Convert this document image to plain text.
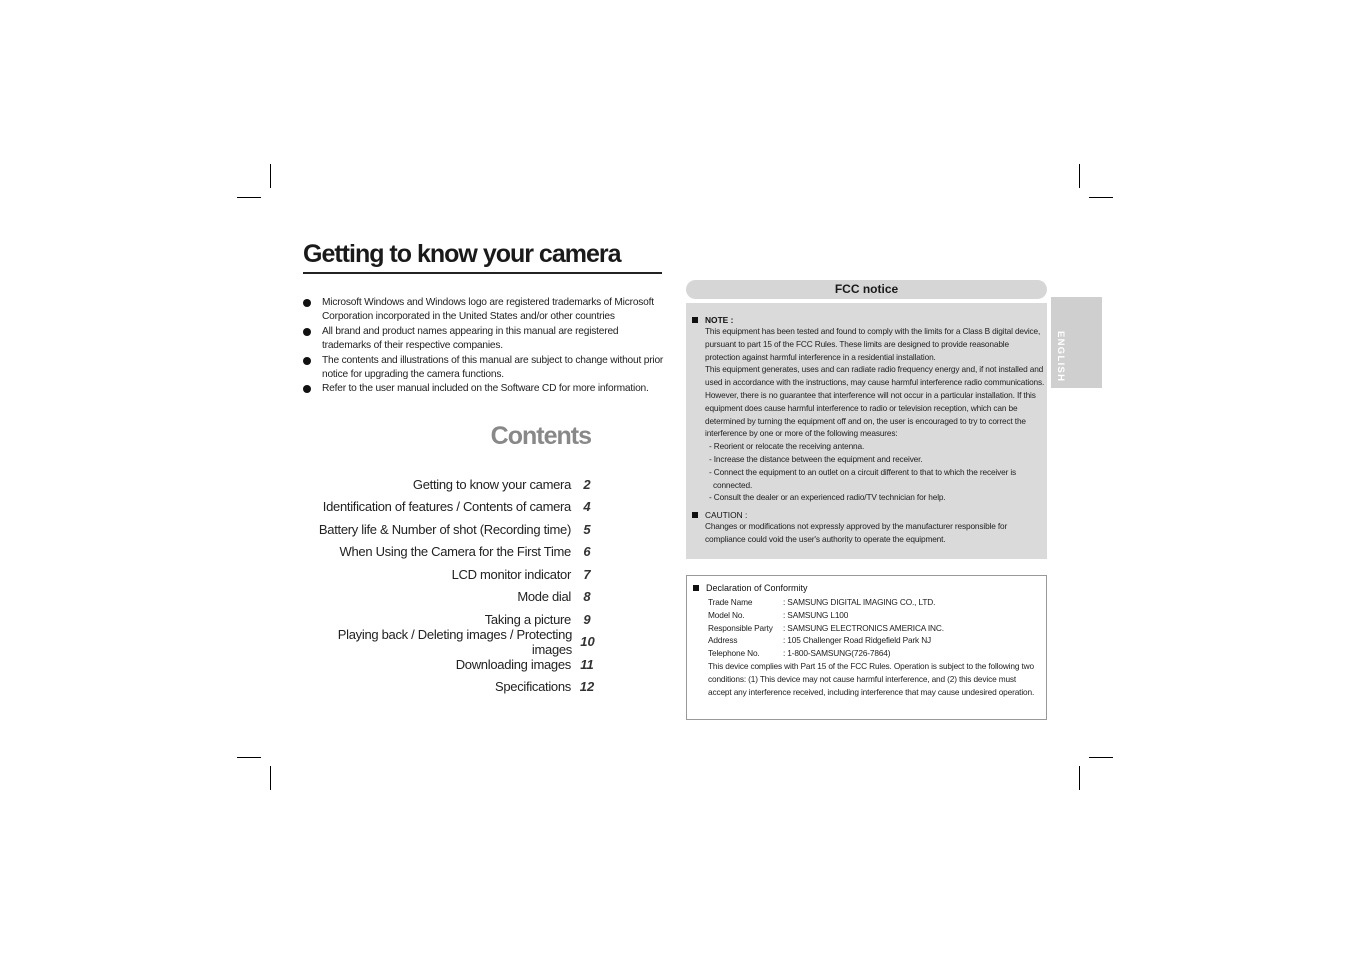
Getting to know your camera
Microsoft Windows and Windows logo are registered trademarks of Microsoft Corporation incorporated in the United States and/or other countries
All brand and product names appearing in this manual are registered trademarks of their respective companies.
The contents and illustrations of this manual are subject to change without prior notice for upgrading the camera functions.
Refer to the user manual included on the Software CD for more information.
Contents
Getting to know your camera 2
Identification of features / Contents of camera 4
Battery life & Number of shot (Recording time) 5
When Using the Camera for the First Time 6
LCD monitor indicator 7
Mode dial 8
Taking a picture 9
Playing back / Deleting images / Protecting images 10
Downloading images 11
Specifications 12
FCC notice
NOTE :
This equipment has been tested and found to comply with the limits for a Class B digital device, pursuant to part 15 of the FCC Rules. These limits are designed to provide reasonable protection against harmful interference in a residential installation.
This equipment generates, uses and can radiate radio frequency energy and, if not installed and used in accordance with the instructions, may cause harmful interference radio communications. However, there is no guarantee that interference will not occur in a particular installation. If this equipment does cause harmful interference to radio or television reception, which can be determined by turning the equipment off and on, the user is encouraged to try to correct the interference by one or more of the following measures:
- Reorient or relocate the receiving antenna.
- Increase the distance between the equipment and receiver.
- Connect the equipment to an outlet on a circuit different to that to which the receiver is connected.
- Consult the dealer or an experienced radio/TV technician for help.
CAUTION :
Changes or modifications not expressly approved by the manufacturer responsible for compliance could void the user's authority to operate the equipment.
Declaration of Conformity
Trade Name	: SAMSUNG DIGITAL IMAGING CO., LTD.
Model No.	: SAMSUNG L100
Responsible Party	: SAMSUNG ELECTRONICS AMERICA INC.
Address	: 105 Challenger Road Ridgefield Park NJ
Telephone No.	: 1-800-SAMSUNG(726-7864)
This device complies with Part 15 of the FCC Rules. Operation is subject to the following two conditions: (1) This device may not cause harmful interference, and (2) this device must accept any interference received, including interference that may cause undesired operation.
ENGLISH
